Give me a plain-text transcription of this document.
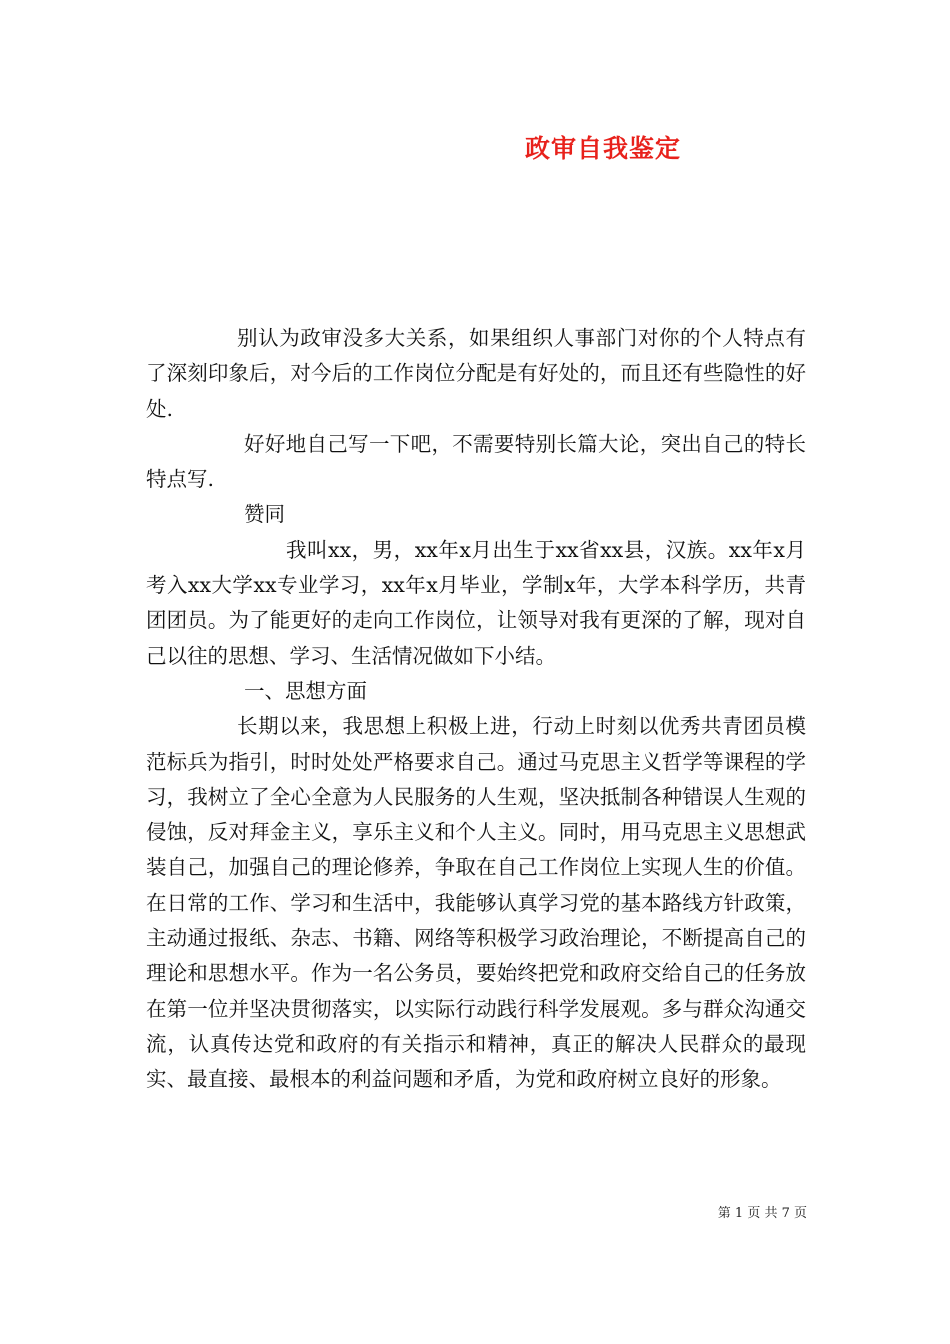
政审自我鉴定

别认为政审没多大关系，如果组织人事部门对你的个人特点有了深刻印象后，对今后的工作岗位分配是有好处的，而且还有些隐性的好处.

好好地自己写一下吧，不需要特别长篇大论，突出自己的特长特点写.

赞同

我叫xx，男，xx年x月出生于xx省xx县，汉族。xx年x月考入xx大学xx专业学习，xx年x月毕业，学制x年，大学本科学历，共青团团员。为了能更好的走向工作岗位，让领导对我有更深的了解，现对自己以往的思想、学习、生活情况做如下小结。

一、思想方面

长期以来，我思想上积极上进，行动上时刻以优秀共青团员模范标兵为指引，时时处处严格要求自己。通过马克思主义哲学等课程的学习，我树立了全心全意为人民服务的人生观，坚决抵制各种错误人生观的侵蚀，反对拜金主义，享乐主义和个人主义。同时，用马克思主义思想武装自己，加强自己的理论修养，争取在自己工作岗位上实现人生的价值。在日常的工作、学习和生活中，我能够认真学习党的基本路线方针政策，主动通过报纸、杂志、书籍、网络等积极学习政治理论，不断提高自己的理论和思想水平。作为一名公务员，要始终把党和政府交给自己的任务放在第一位并坚决贯彻落实，以实际行动践行科学发展观。多与群众沟通交流，认真传达党和政府的有关指示和精神，真正的解决人民群众的最现实、最直接、最根本的利益问题和矛盾，为党和政府树立良好的形象。

第 1 页 共 7 页
